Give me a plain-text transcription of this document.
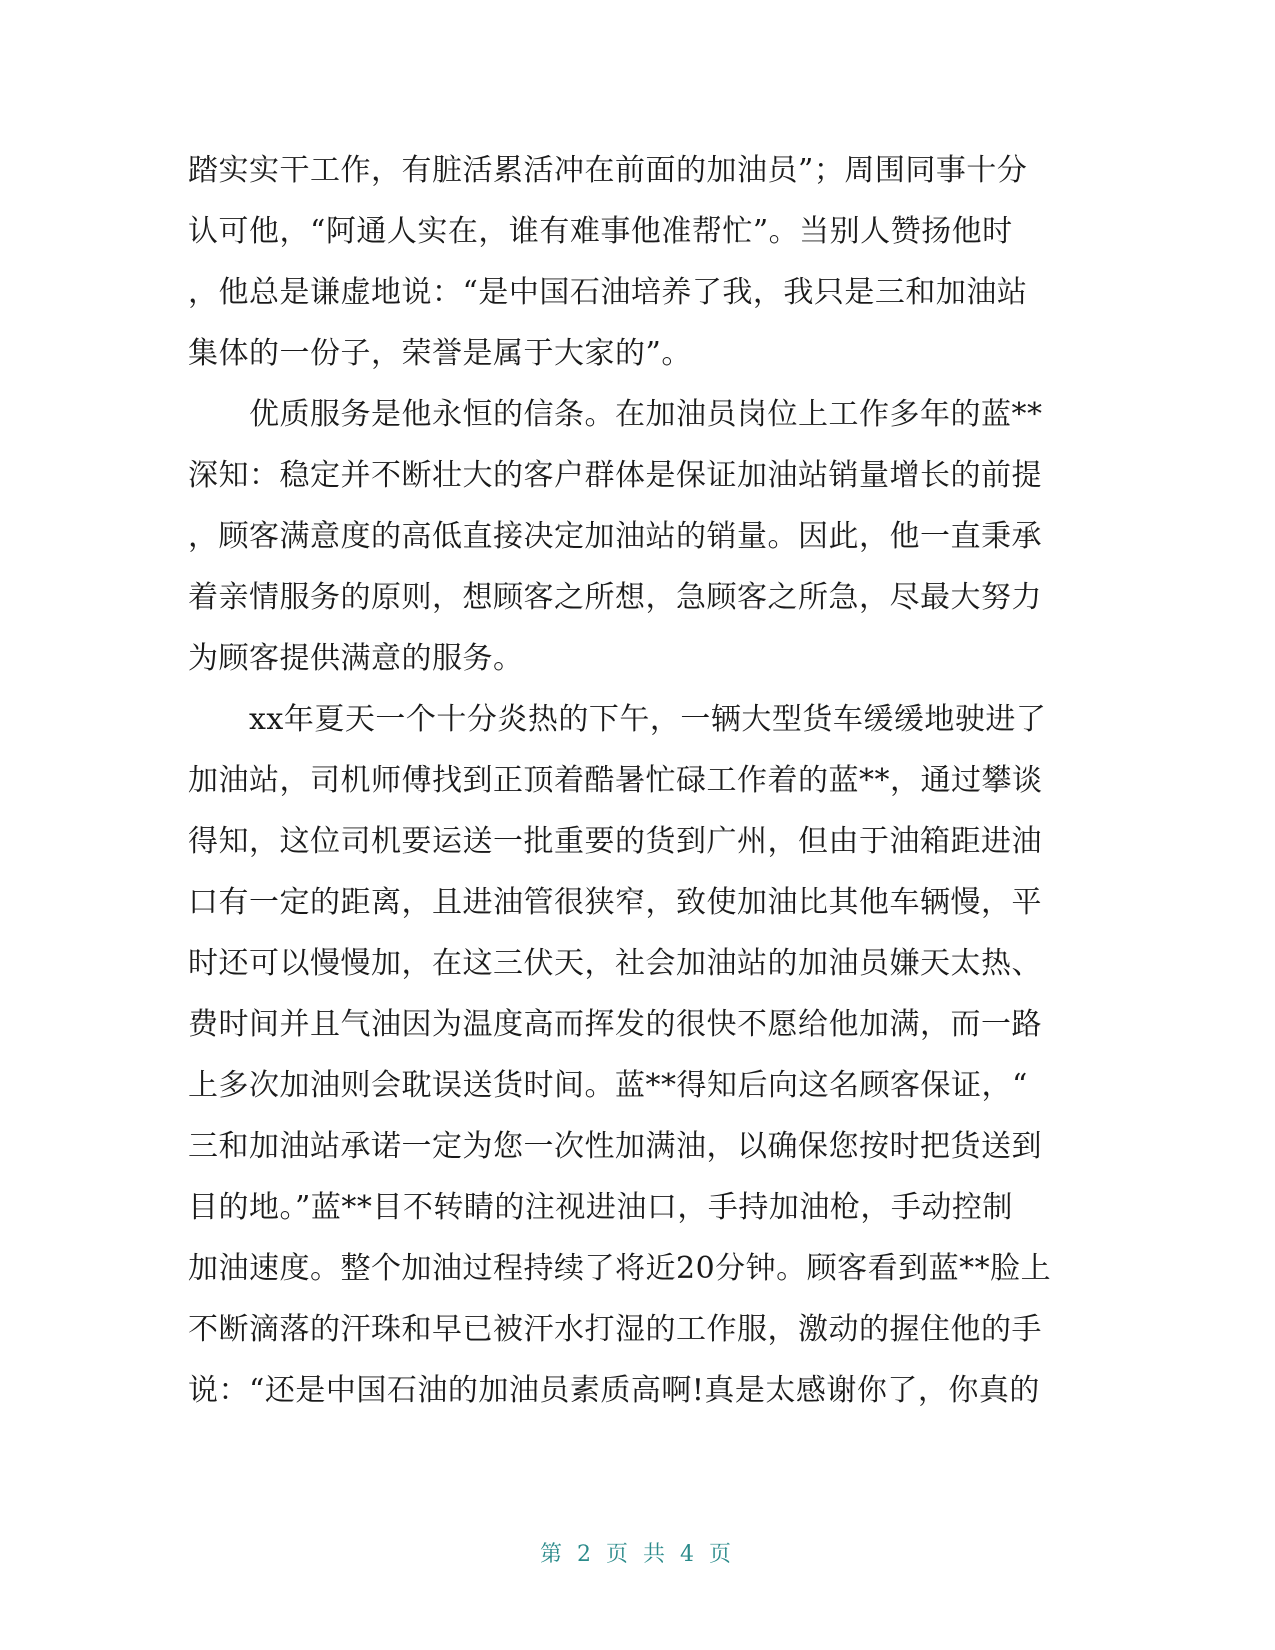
踏实实干工作，有脏活累活冲在前面的加油员”；周围同事十分
认可他，“阿通人实在，谁有难事他准帮忙”。当别人赞扬他时
，他总是谦虚地说：“是中国石油培养了我，我只是三和加油站
集体的一份子，荣誉是属于大家的”。
　　优质服务是他永恒的信条。在加油员岗位上工作多年的蓝**
深知：稳定并不断壮大的客户群体是保证加油站销量增长的前提
，顾客满意度的高低直接决定加油站的销量。因此，他一直秉承
着亲情服务的原则，想顾客之所想，急顾客之所急，尽最大努力
为顾客提供满意的服务。
　　xx年夏天一个十分炎热的下午，一辆大型货车缓缓地驶进了
加油站，司机师傅找到正顶着酷暑忙碌工作着的蓝**，通过攀谈
得知，这位司机要运送一批重要的货到广州，但由于油箱距进油
口有一定的距离，且进油管很狭窄，致使加油比其他车辆慢，平
时还可以慢慢加，在这三伏天，社会加油站的加油员嫌天太热、
费时间并且气油因为温度高而挥发的很快不愿给他加满，而一路
上多次加油则会耽误送货时间。蓝**得知后向这名顾客保证，“
三和加油站承诺一定为您一次性加满油，以确保您按时把货送到
目的地。”蓝**目不转睛的注视进油口，手持加油枪，手动控制
加油速度。整个加油过程持续了将近20分钟。顾客看到蓝**脸上
不断滴落的汗珠和早已被汗水打湿的工作服，激动的握住他的手
说：“还是中国石油的加油员素质高啊!真是太感谢你了，你真的
第 2 页 共 4 页
